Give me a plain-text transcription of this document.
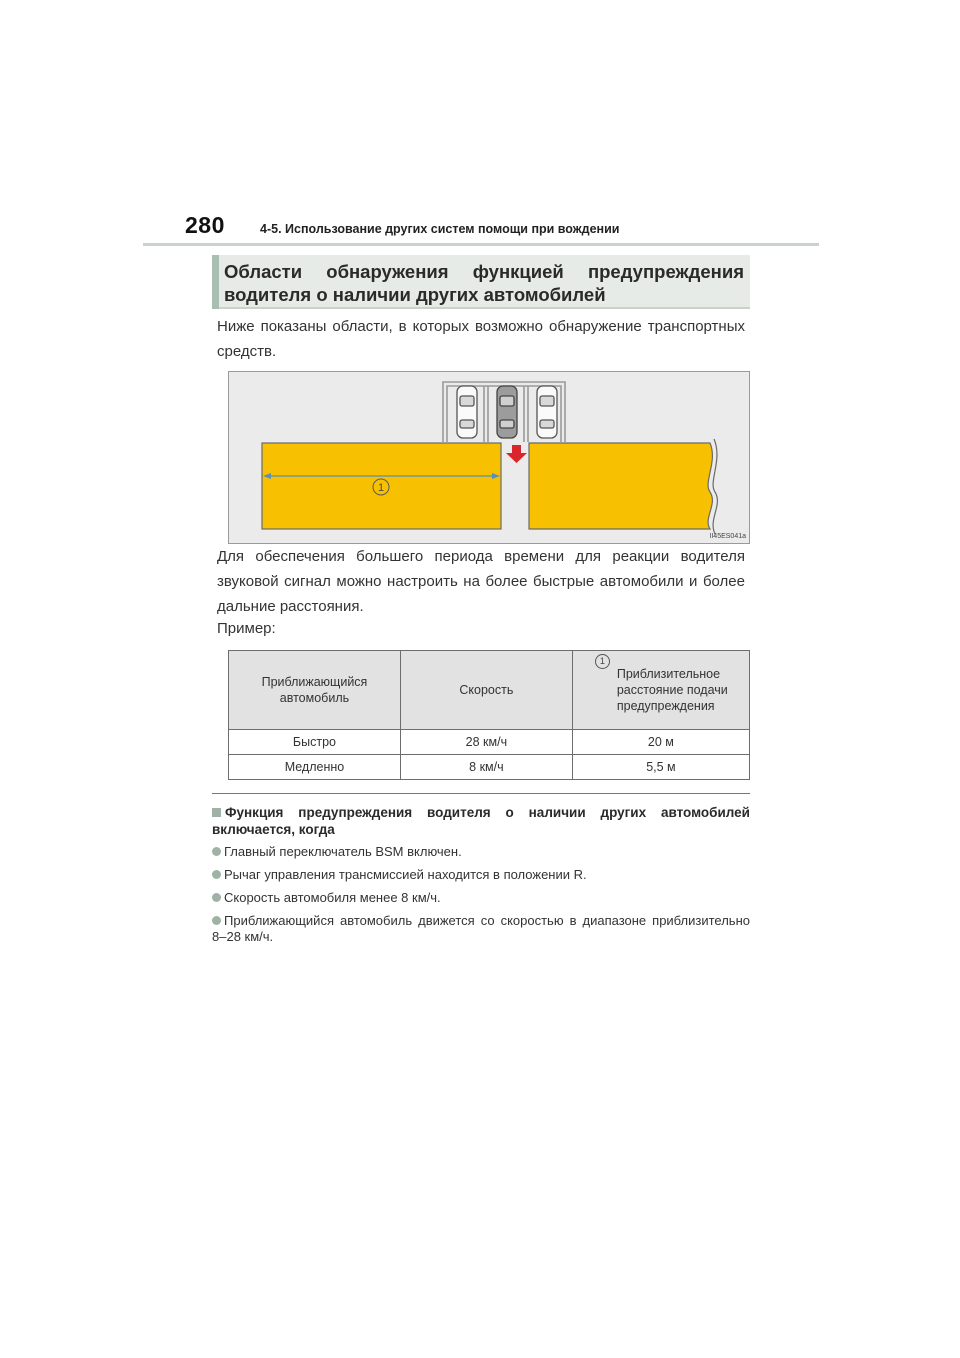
280	4-5. Использование других систем помощи при вождении
Области обнаружения функцией предупреждения водителя о наличии других автомобилей
Ниже показаны области, в которых возможно обнаружение транспортных средств.
1
II45ES041a
Для обеспечения большего периода времени для реакции водителя звуковой сигнал можно настроить на более быстрые автомобили и более дальние расстояния.
Пример:
Приближающийся автомобиль	Скорость	1
Приблизительное расстояние подачи предупреждения
Быстро	28 км/ч	20 м
Медленно	8 км/ч	5,5 м
Функция предупреждения водителя о наличии других автомобилей включается, когда
Главный переключатель BSM включен.
Рычаг управления трансмиссией находится в положении R.
Скорость автомобиля менее 8 км/ч.
Приближающийся автомобиль движется со скоростью в диапазоне приблизительно 8–28 км/ч.
